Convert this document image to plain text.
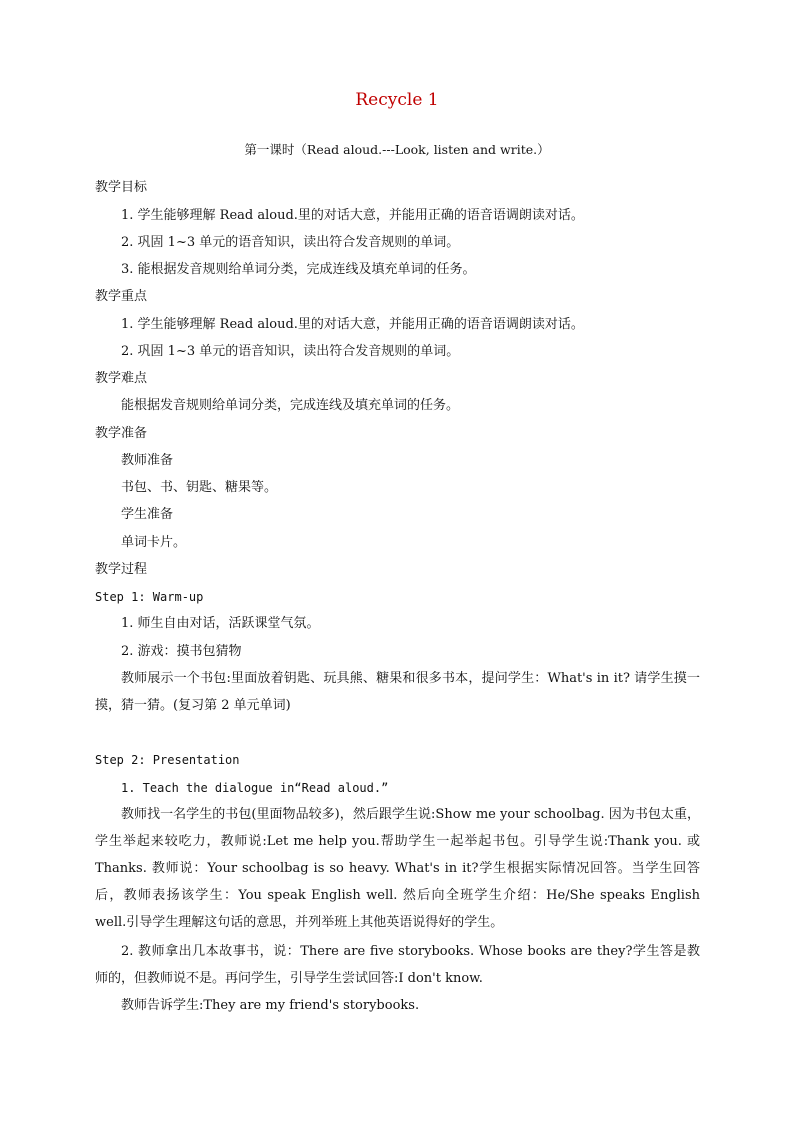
Recycle 1
第一课时（Read aloud.---Look, listen and write.）
教学目标
1. 学生能够理解 Read aloud.里的对话大意，并能用正确的语音语调朗读对话。
2. 巩固 1~3 单元的语音知识，读出符合发音规则的单词。
3. 能根据发音规则给单词分类，完成连线及填充单词的任务。
教学重点
1. 学生能够理解 Read aloud.里的对话大意，并能用正确的语音语调朗读对话。
2. 巩固 1~3 单元的语音知识，读出符合发音规则的单词。
教学难点
能根据发音规则给单词分类，完成连线及填充单词的任务。
教学准备
教师准备
书包、书、钥匙、糖果等。
学生准备
单词卡片。
教学过程
Step 1: Warm-up
1. 师生自由对话，活跃课堂气氛。
2. 游戏：摸书包猜物
教师展示一个书包:里面放着钥匙、玩具熊、糖果和很多书本，提问学生：What's in it? 请学生摸一摸，猜一猜。(复习第 2 单元单词)
Step 2: Presentation
1. Teach the dialogue in“Read aloud.”
教师找一名学生的书包(里面物品较多)，然后跟学生说:Show me your schoolbag. 因为书包太重，学生举起来较吃力，教师说:Let me help you.帮助学生一起举起书包。引导学生说:Thank you. 或 Thanks. 教师说：Your schoolbag is so heavy. What's in it?学生根据实际情况回答。当学生回答后，教师表扬该学生：You speak English well. 然后向全班学生介绍：He/She speaks English well.引导学生理解这句话的意思，并列举班上其他英语说得好的学生。
2. 教师拿出几本故事书，说：There are five storybooks. Whose books are they?学生答是教师的，但教师说不是。再问学生，引导学生尝试回答:I don't know.
教师告诉学生:They are my friend's storybooks.
